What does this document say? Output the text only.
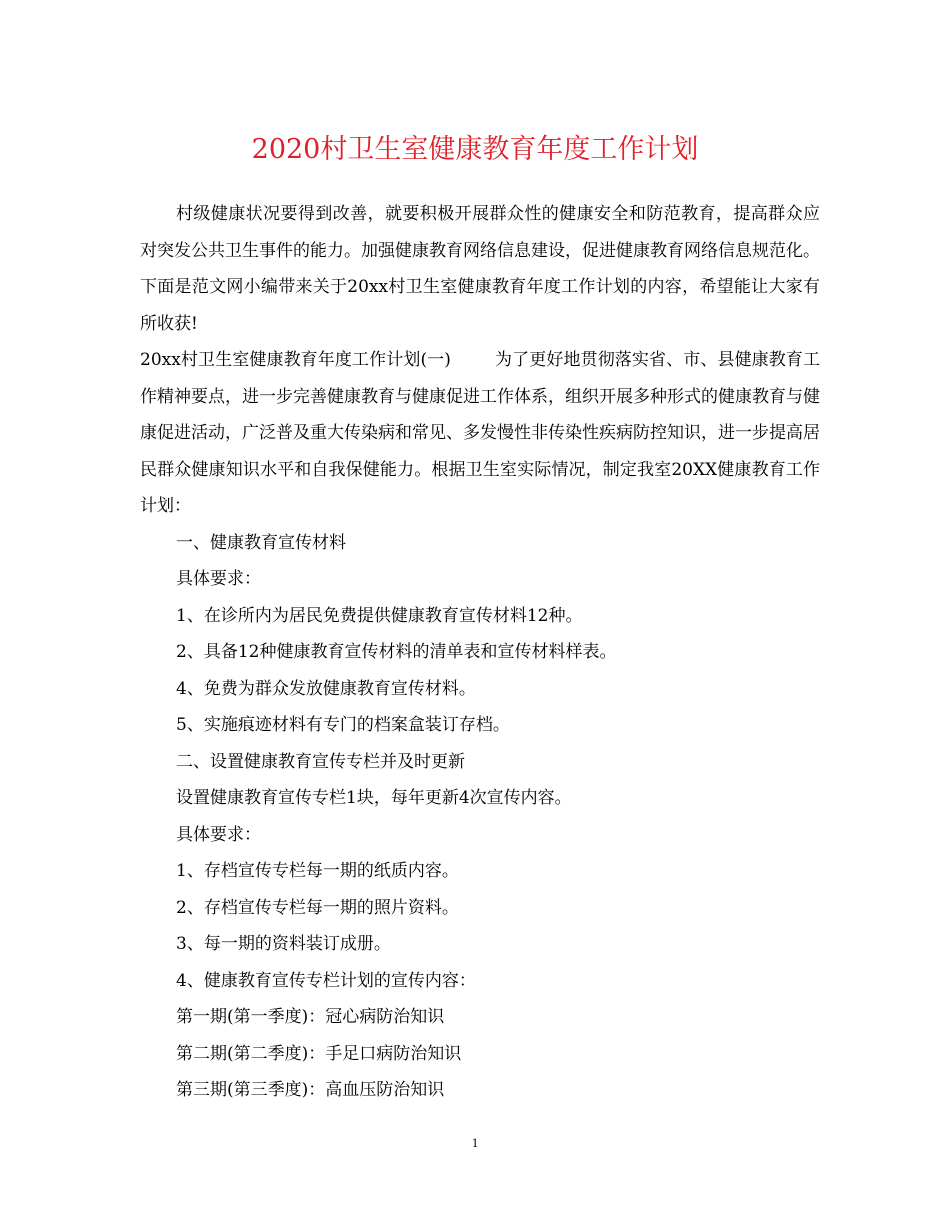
2020村卫生室健康教育年度工作计划

村级健康状况要得到改善，就要积极开展群众性的健康安全和防范教育，提高群众应对突发公共卫生事件的能力。加强健康教育网络信息建设，促进健康教育网络信息规范化。下面是范文网小编带来关于20xx村卫生室健康教育年度工作计划的内容，希望能让大家有所收获!

20xx村卫生室健康教育年度工作计划(一)	为了更好地贯彻落实省、市、县健康教育工作精神要点，进一步完善健康教育与健康促进工作体系，组织开展多种形式的健康教育与健康促进活动，广泛普及重大传染病和常见、多发慢性非传染性疾病防控知识，进一步提高居民群众健康知识水平和自我保健能力。根据卫生室实际情况，制定我室20XX健康教育工作计划：

一、健康教育宣传材料

具体要求：

1、在诊所内为居民免费提供健康教育宣传材料12种。

2、具备12种健康教育宣传材料的清单表和宣传材料样表。

4、免费为群众发放健康教育宣传材料。

5、实施痕迹材料有专门的档案盒装订存档。

二、设置健康教育宣传专栏并及时更新

设置健康教育宣传专栏1块，每年更新4次宣传内容。

具体要求：

1、存档宣传专栏每一期的纸质内容。

2、存档宣传专栏每一期的照片资料。

3、每一期的资料装订成册。

4、健康教育宣传专栏计划的宣传内容：

第一期(第一季度)：冠心病防治知识

第二期(第二季度)：手足口病防治知识

第三期(第三季度)：高血压防治知识

1
